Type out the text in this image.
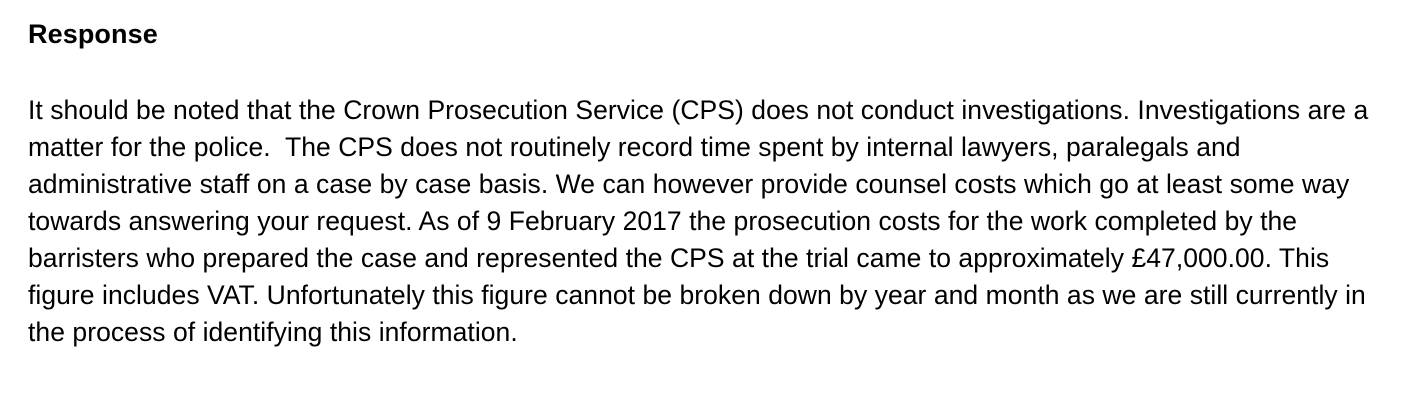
Response

It should be noted that the Crown Prosecution Service (CPS) does not conduct investigations. Investigations are a matter for the police.  The CPS does not routinely record time spent by internal lawyers, paralegals and administrative staff on a case by case basis. We can however provide counsel costs which go at least some way towards answering your request. As of 9 February 2017 the prosecution costs for the work completed by the barristers who prepared the case and represented the CPS at the trial came to approximately £47,000.00. This figure includes VAT. Unfortunately this figure cannot be broken down by year and month as we are still currently in the process of identifying this information.
